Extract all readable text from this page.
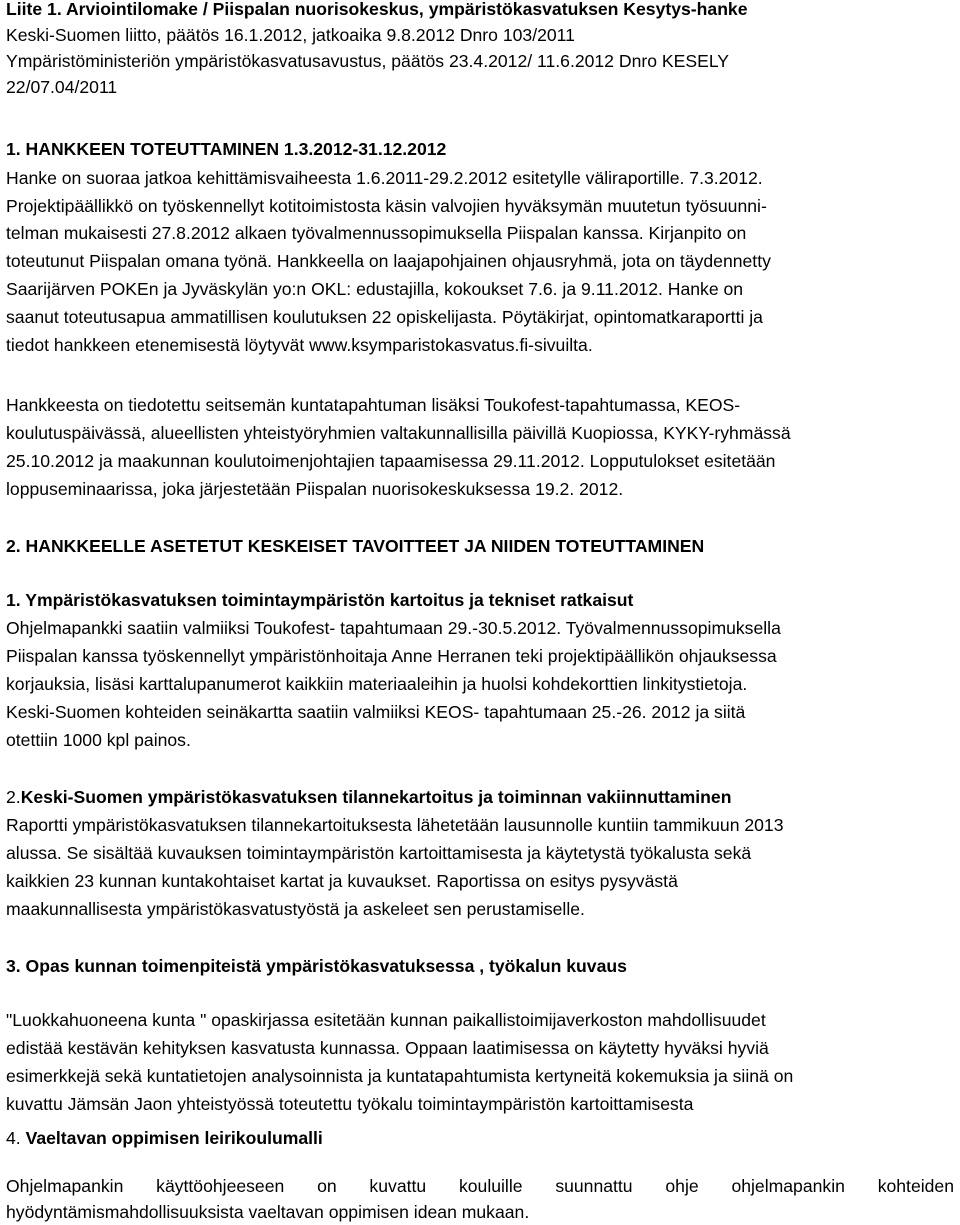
Liite 1. Arviointilomake / Piispalan nuorisokeskus, ympäristökasvatuksen Kesytys-hanke

Keski-Suomen liitto, päätös 16.1.2012, jatkoaika 9.8.2012 Dnro 103/2011

Ympäristöministeriön ympäristökasvatusavustus, päätös 23.4.2012/ 11.6.2012 Dnro KESELY

22/07.04/2011

1. HANKKEEN TOTEUTTAMINEN 1.3.2012-31.12.2012

Hanke on suoraa jatkoa kehittämisvaiheesta 1.6.2011-29.2.2012 esitetylle väliraportille. 7.3.2012.

Projektipäällikkö on työskennellyt kotitoimistosta käsin valvojien hyväksymän muutetun työsuunni-

telman mukaisesti 27.8.2012 alkaen työvalmennussopimuksella Piispalan kanssa. Kirjanpito on

toteutunut Piispalan omana työnä. Hankkeella on laajapohjainen ohjausryhmä, jota on täydennetty

Saarijärven POKEn ja Jyväskylän yo:n OKL: edustajilla, kokoukset 7.6. ja 9.11.2012. Hanke on

saanut toteutusapua ammatillisen koulutuksen 22 opiskelijasta. Pöytäkirjat, opintomatkaraportti ja

tiedot hankkeen etenemisestä löytyvät www.ksymparistokasvatus.fi-sivuilta.

Hankkeesta on tiedotettu seitsemän kuntatapahtuman lisäksi Toukofest-tapahtumassa, KEOS-

koulutuspäivässä, alueellisten yhteistyöryhmien valtakunnallisilla päivillä Kuopiossa, KYKY-ryhmässä

25.10.2012 ja maakunnan koulutoimenjohtajien tapaamisessa 29.11.2012. Lopputulokset esitetään

loppuseminaarissa, joka järjestetään Piispalan nuorisokeskuksessa 19.2. 2012.

2. HANKKEELLE ASETETUT KESKEISET TAVOITTEET JA NIIDEN TOTEUTTAMINEN

1. Ympäristökasvatuksen toimintaympäristön kartoitus ja tekniset ratkaisut

Ohjelmapankki saatiin valmiiksi Toukofest- tapahtumaan 29.-30.5.2012. Työvalmennussopimuksella

Piispalan kanssa työskennellyt ympäristönhoitaja Anne Herranen teki projektipäällikön ohjauksessa

korjauksia, lisäsi karttalupanumerot kaikkiin materiaaleihin ja huolsi kohdekorttien linkitystietoja.

Keski-Suomen kohteiden seinäkartta saatiin valmiiksi KEOS- tapahtumaan 25.-26. 2012 ja siitä

otettiin 1000 kpl painos.

2.Keski-Suomen ympäristökasvatuksen tilannekartoitus ja toiminnan vakiinnuttaminen

Raportti ympäristökasvatuksen tilannekartoituksesta lähetetään lausunnolle kuntiin tammikuun 2013

alussa. Se sisältää kuvauksen toimintaympäristön kartoittamisesta ja käytetystä työkalusta sekä

kaikkien 23 kunnan kuntakohtaiset kartat ja kuvaukset. Raportissa on esitys pysyvästä

maakunnallisesta ympäristökasvatustyöstä ja askeleet sen perustamiselle.

3. Opas kunnan toimenpiteistä ympäristökasvatuksessa , työkalun kuvaus

"Luokkahuoneena kunta " opaskirjassa esitetään kunnan paikallistoimijaverkoston mahdollisuudet

edistää kestävän kehityksen kasvatusta kunnassa. Oppaan laatimisessa on käytetty hyväksi hyviä

esimerkkejä sekä kuntatietojen analysoinnista ja kuntatapahtumista kertyneitä kokemuksia ja siinä on

kuvattu Jämsän Jaon yhteistyössä toteutettu työkalu toimintaympäristön kartoittamisesta

4. Vaeltavan oppimisen leirikoulumalli

Ohjelmapankin käyttöohjeeseen on kuvattu kouluille suunnattu ohje ohjelmapankin kohteiden

hyödyntämismahdollisuuksista vaeltavan oppimisen idean mukaan.
